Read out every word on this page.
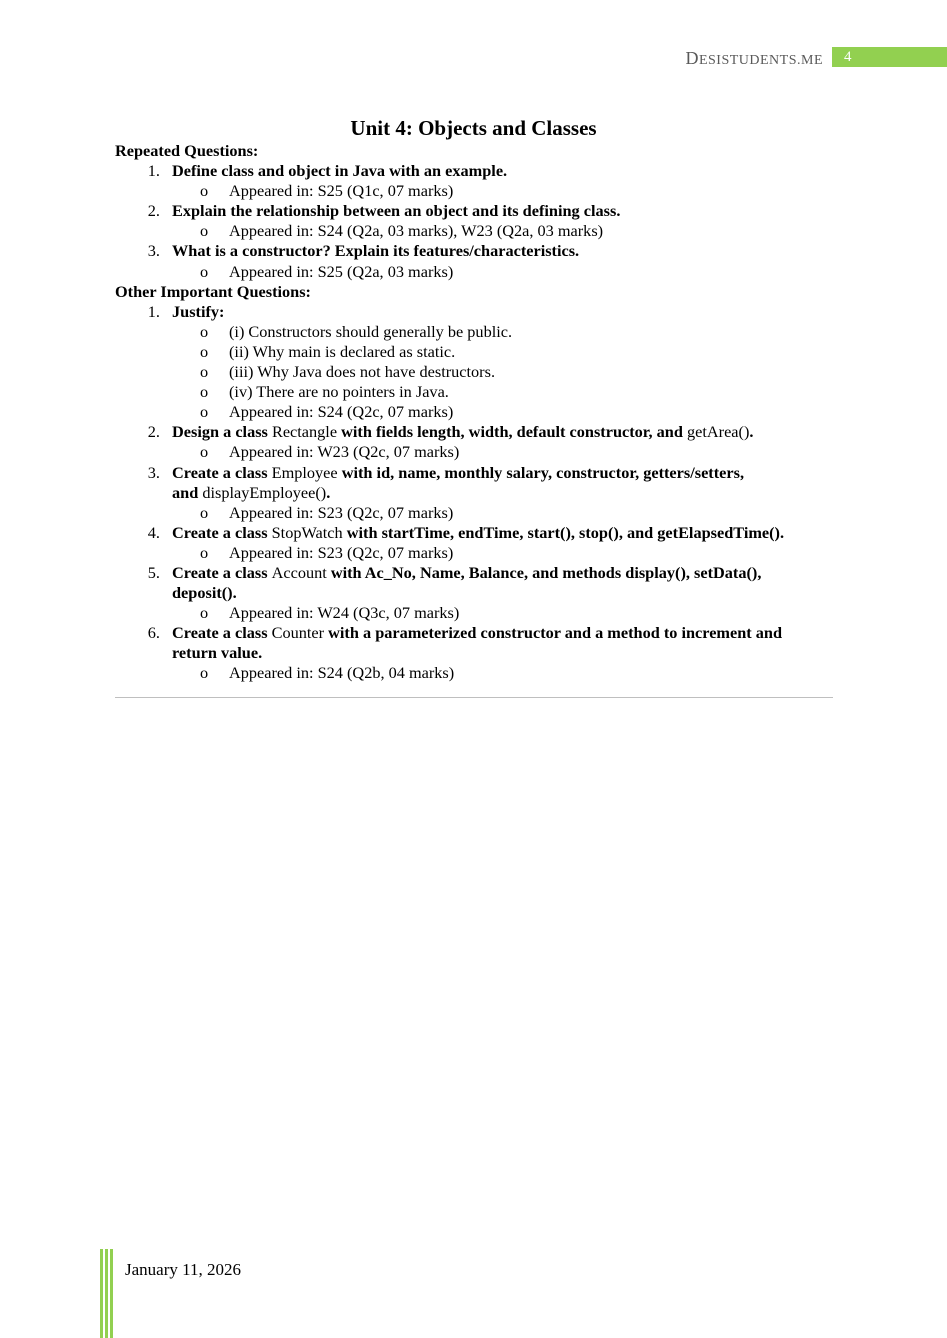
DESISTUDENTS.ME	4
Unit 4: Objects and Classes
Repeated Questions:
1 . Define class and object in Java with an example.
o Appeared in: S25 (Q1c, 07 marks)
2 . Explain the relationship between an object and its defining class.
o Appeared in: S24 (Q2a, 03 marks), W23 (Q2a, 03 marks)
3 . What is a constructor? Explain its features/characteristics.
o Appeared in: S25 (Q2a, 03 marks)
Other Important Questions:
1 . Justify:
o (i) Constructors should generally be public.
o (ii) Why main is declared as static.
o (iii) Why Java does not have destructors.
o (iv) There are no pointers in Java.
o Appeared in: S24 (Q2c, 07 marks)
2 . Design a class Rectangle with fields length, width, default constructor, and getArea().
o Appeared in: W23 (Q2c, 07 marks)
3 . Create a class Employee with id, name, monthly salary, constructor, getters/setters,
and displayEmployee().
o Appeared in: S23 (Q2c, 07 marks)
4 . Create a class StopWatch with startTime, endTime, start(), stop(), and getElapsedTime().
o Appeared in: S23 (Q2c, 07 marks)
5 . Create a class Account with Ac_No, Name, Balance, and methods display(), setData(),
deposit().
o Appeared in: W24 (Q3c, 07 marks)
6 . Create a class Counter with a parameterized constructor and a method to increment and
return value.
o Appeared in: S24 (Q2b, 04 marks)
January 11, 2026
